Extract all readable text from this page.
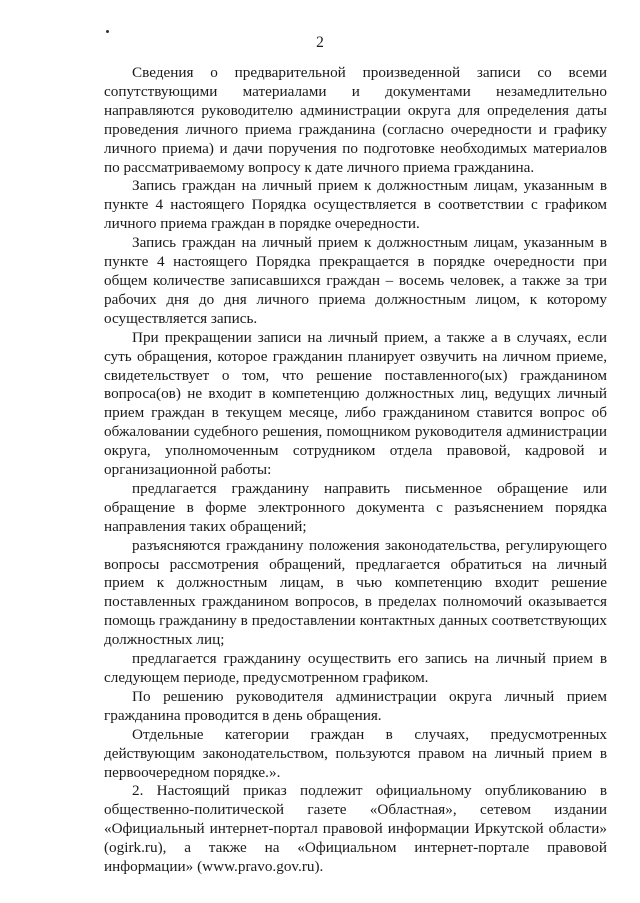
2

Сведения о предварительной произведенной записи со всеми сопутствующими материалами и документами незамедлительно направляются руководителю администрации округа для определения даты проведения личного приема гражданина (согласно очередности и графику личного приема) и дачи поручения по подготовке необходимых материалов по рассматриваемому вопросу к дате личного приема гражданина.

Запись граждан на личный прием к должностным лицам, указанным в пункте 4 настоящего Порядка осуществляется в соответствии с графиком личного приема граждан в порядке очередности.

Запись граждан на личный прием к должностным лицам, указанным в пункте 4 настоящего Порядка прекращается в порядке очередности при общем количестве записавшихся граждан – восемь человек, а также за три рабочих дня до дня личного приема должностным лицом, к которому осуществляется запись.

При прекращении записи на личный прием, а также а в случаях, если суть обращения, которое гражданин планирует озвучить на личном приеме, свидетельствует о том, что решение поставленного(ых) гражданином вопроса(ов) не входит в компетенцию должностных лиц, ведущих личный прием граждан в текущем месяце, либо гражданином ставится вопрос об обжаловании судебного решения, помощником руководителя администрации округа, уполномоченным сотрудником отдела правовой, кадровой и организационной работы:

предлагается гражданину направить письменное обращение или обращение в форме электронного документа с разъяснением порядка направления таких обращений;

разъясняются гражданину положения законодательства, регулирующего вопросы рассмотрения обращений, предлагается обратиться на личный прием к должностным лицам, в чью компетенцию входит решение поставленных гражданином вопросов, в пределах полномочий оказывается помощь гражданину в предоставлении контактных данных соответствующих должностных лиц;

предлагается гражданину осуществить его запись на личный прием в следующем периоде, предусмотренном графиком.

По решению руководителя администрации округа личный прием гражданина проводится в день обращения.

Отдельные категории граждан в случаях, предусмотренных действующим законодательством, пользуются правом на личный прием в первоочередном порядке.».

2. Настоящий приказ подлежит официальному опубликованию в общественно-политической газете «Областная», сетевом издании «Официальный интернет-портал правовой информации Иркутской области» (ogirk.ru), а также на «Официальном интернет-портале правовой информации» (www.pravo.gov.ru).
